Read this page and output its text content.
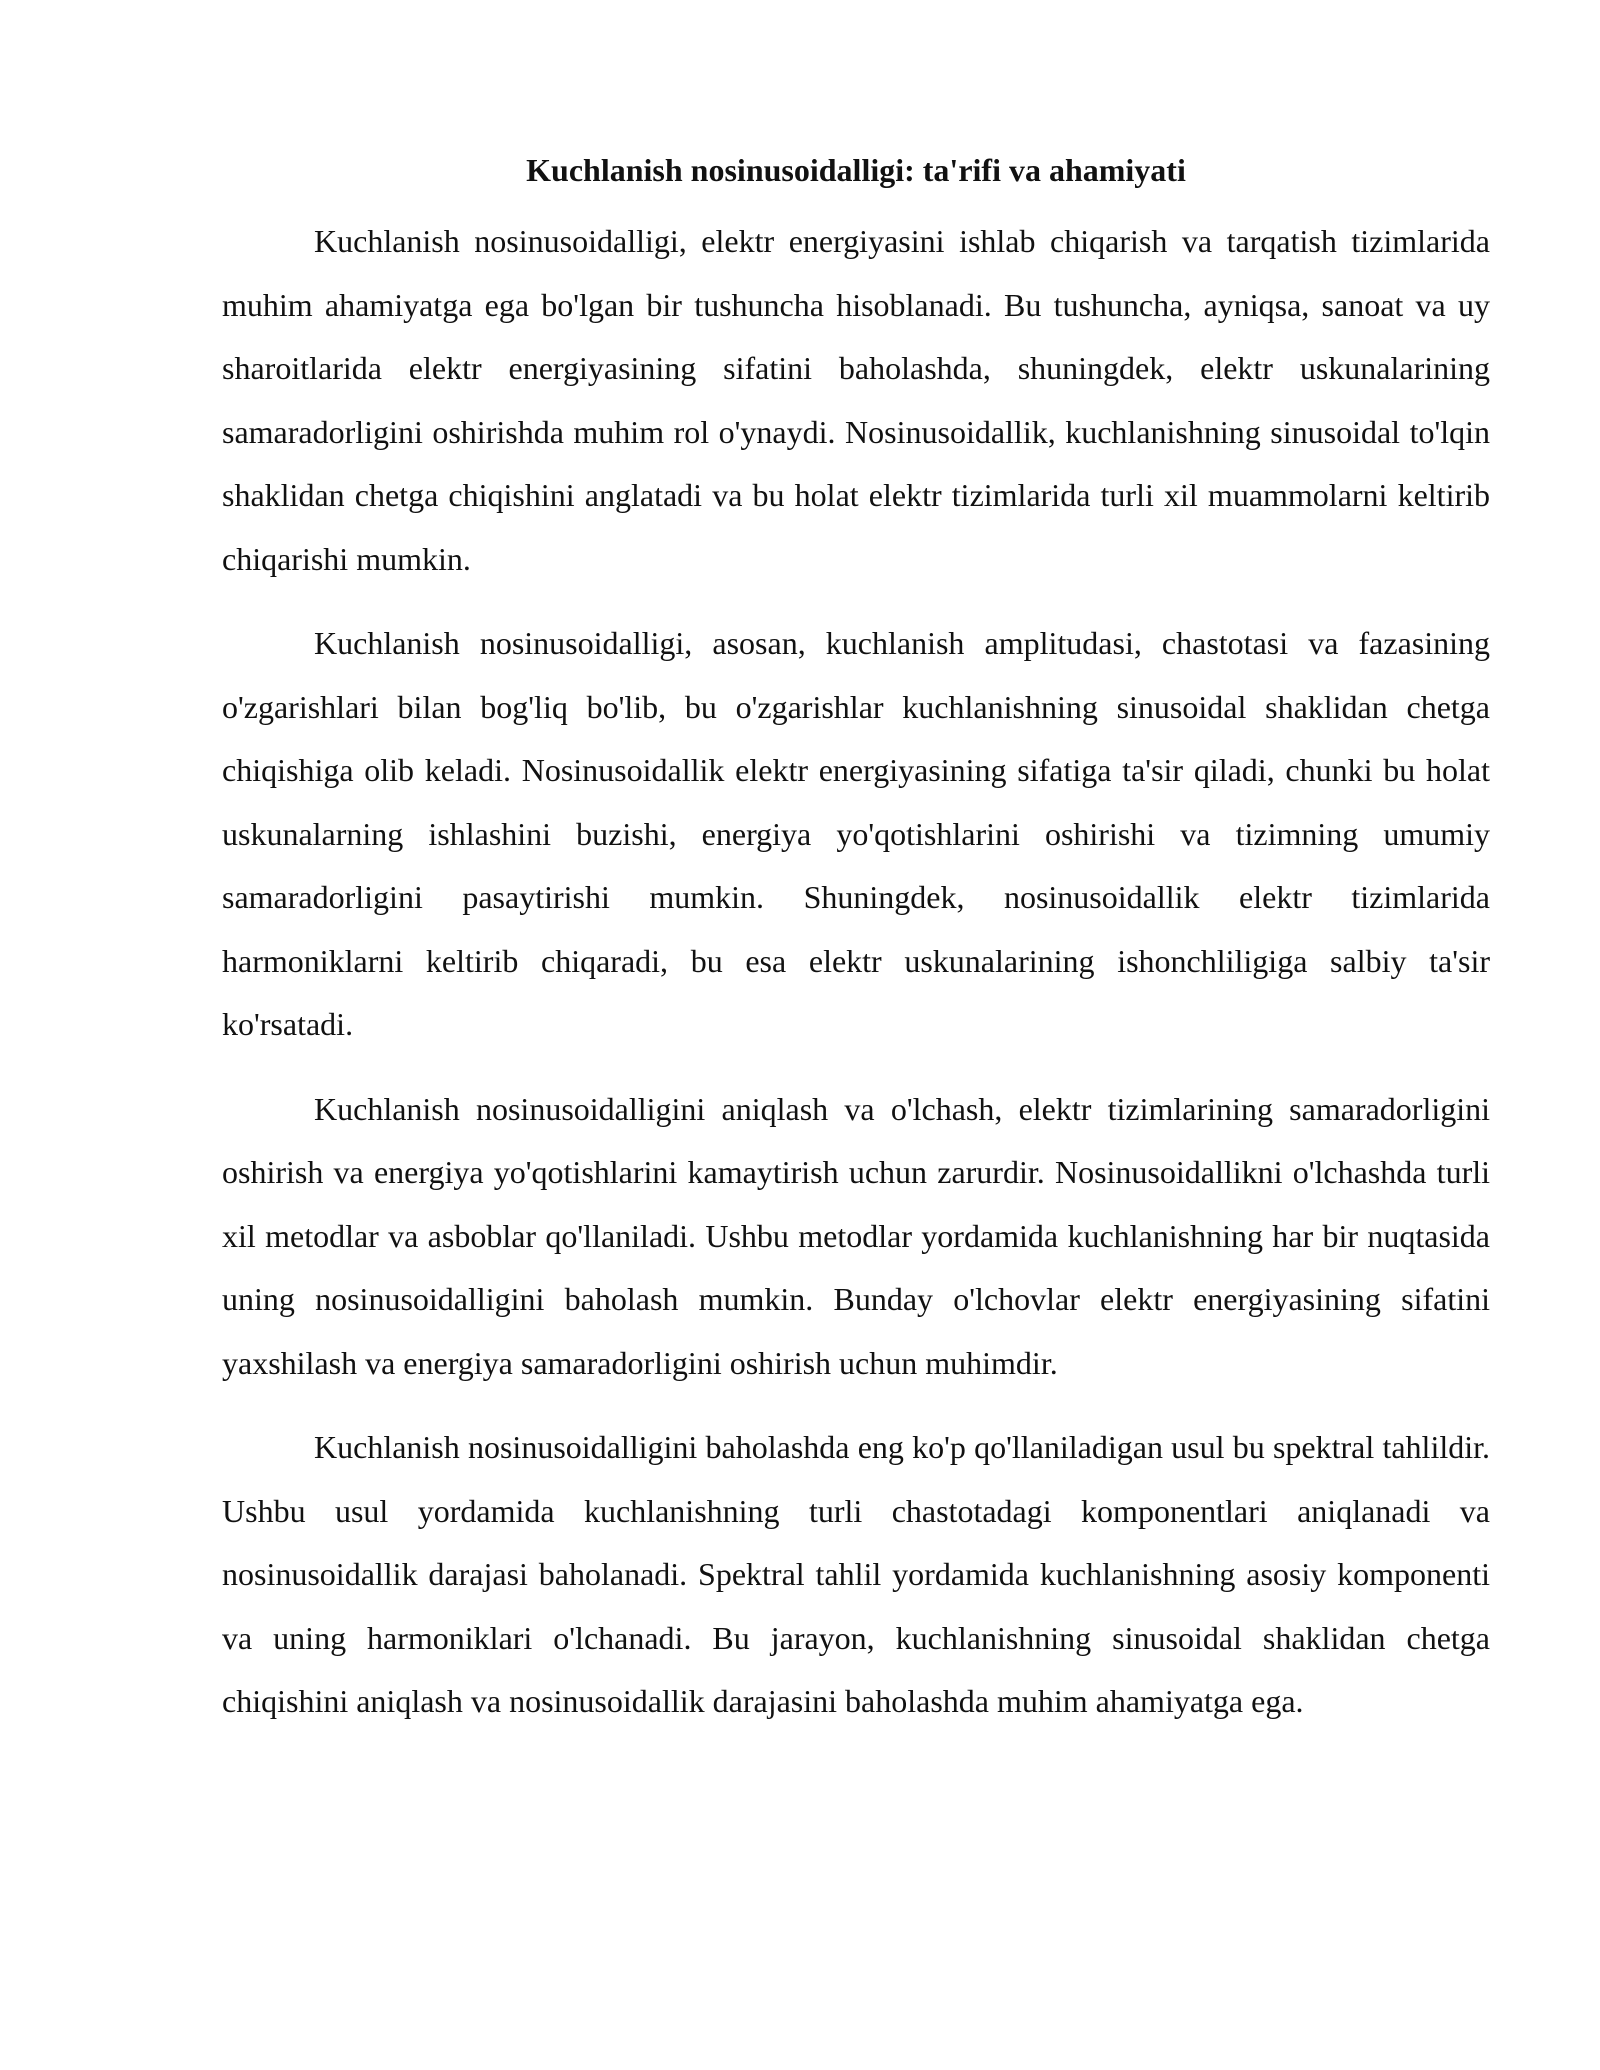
Kuchlanish nosinusoidalligi: ta'rifi va ahamiyati

Kuchlanish nosinusoidalligi, elektr energiyasini ishlab chiqarish va tarqatish tizimlarida muhim ahamiyatga ega bo'lgan bir tushuncha hisoblanadi. Bu tushuncha, ayniqsa, sanoat va uy sharoitlarida elektr energiyasining sifatini baholashda, shuningdek, elektr uskunalarining samaradorligini oshirishda muhim rol o'ynaydi. Nosinusoidallik, kuchlanishning sinusoidal to'lqin shaklidan chetga chiqishini anglatadi va bu holat elektr tizimlarida turli xil muammolarni keltirib chiqarishi mumkin.

Kuchlanish nosinusoidalligi, asosan, kuchlanish amplitudasi, chastotasi va fazasining o'zgarishlari bilan bog'liq bo'lib, bu o'zgarishlar kuchlanishning sinusoidal shaklidan chetga chiqishiga olib keladi. Nosinusoidallik elektr energiyasining sifatiga ta'sir qiladi, chunki bu holat uskunalarning ishlashini buzishi, energiya yo'qotishlarini oshirishi va tizimning umumiy samaradorligini pasaytirishi mumkin. Shuningdek, nosinusoidallik elektr tizimlarida harmoniklarni keltirib chiqaradi, bu esa elektr uskunalarining ishonchliligiga salbiy ta'sir ko'rsatadi.

Kuchlanish nosinusoidalligini aniqlash va o'lchash, elektr tizimlarining samaradorligini oshirish va energiya yo'qotishlarini kamaytirish uchun zarurdir. Nosinusoidallikni o'lchashda turli xil metodlar va asboblar qo'llaniladi. Ushbu metodlar yordamida kuchlanishning har bir nuqtasida uning nosinusoidalligini baholash mumkin. Bunday o'lchovlar elektr energiyasining sifatini yaxshilash va energiya samaradorligini oshirish uchun muhimdir.

Kuchlanish nosinusoidalligini baholashda eng ko'p qo'llaniladigan usul bu spektral tahlildir. Ushbu usul yordamida kuchlanishning turli chastotadagi komponentlari aniqlanadi va nosinusoidallik darajasi baholanadi. Spektral tahlil yordamida kuchlanishning asosiy komponenti va uning harmoniklari o'lchanadi. Bu jarayon, kuchlanishning sinusoidal shaklidan chetga chiqishini aniqlash va nosinusoidallik darajasini baholashda muhim ahamiyatga ega.
